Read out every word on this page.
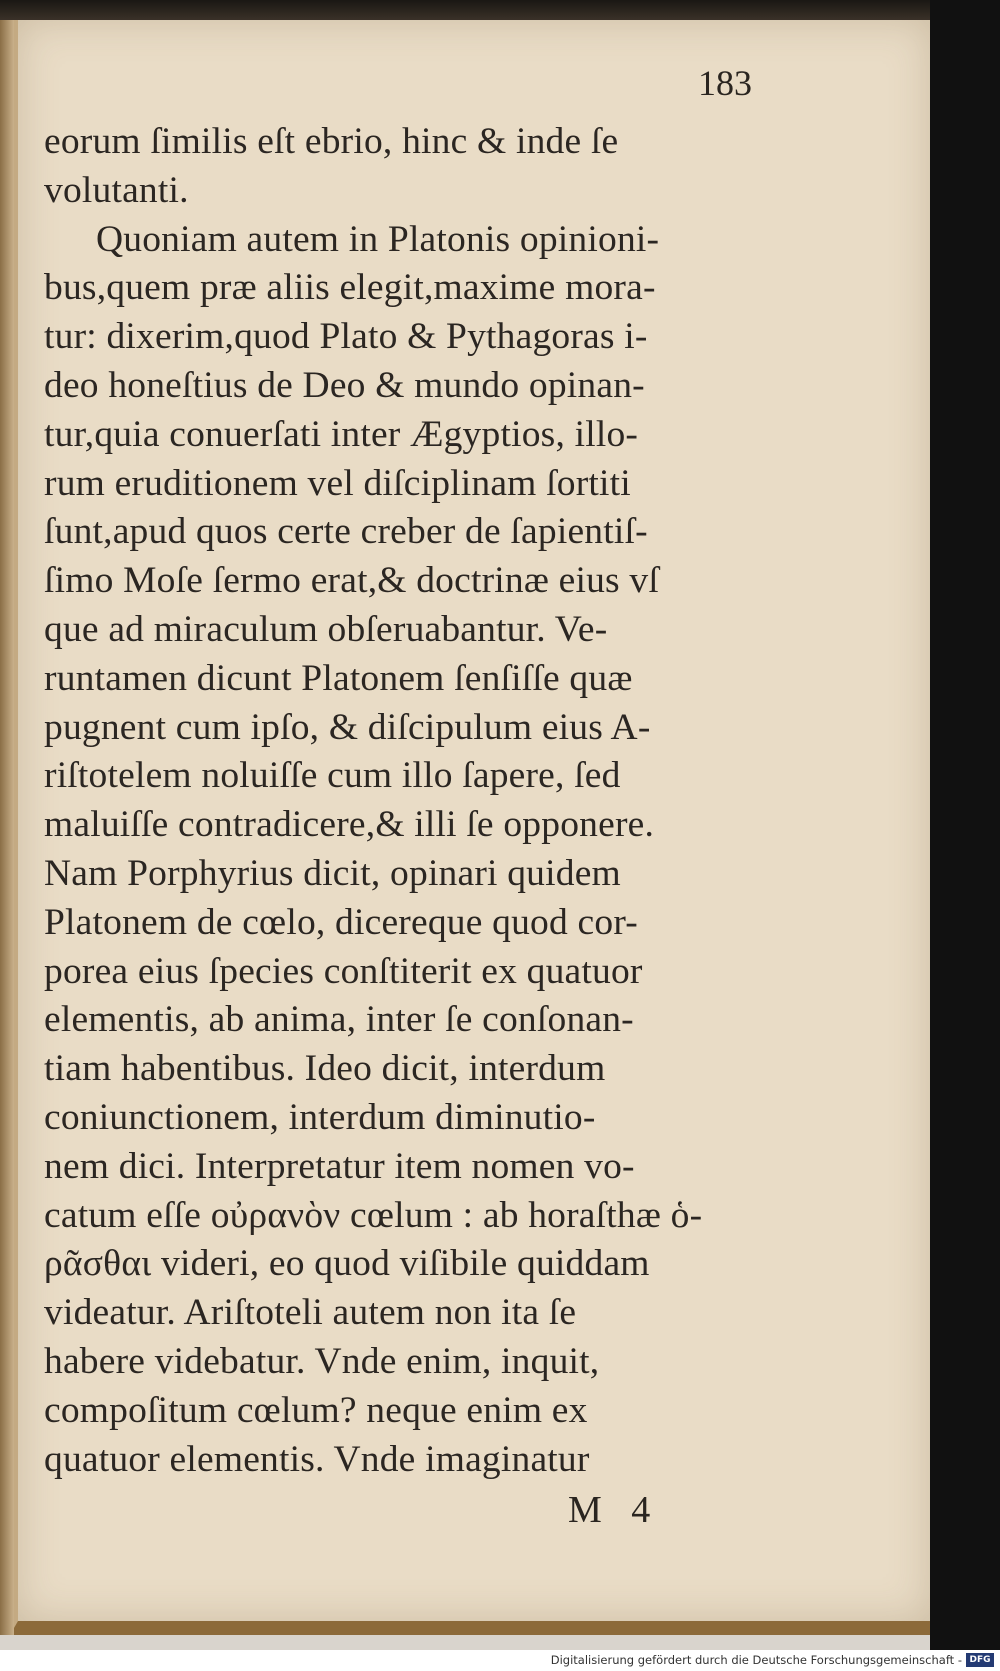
183
eorum ſimilis eſt ebrio, hinc & inde ſe
volutanti.
Quoniam autem in Platonis opinioni-
bus,quem præ aliis elegit,maxime mora-
tur: dixerim,quod Plato & Pythagoras i-
deo honeſtius de Deo & mundo opinan-
tur,quia conuerſati inter Ægyptios, illo-
rum eruditionem vel diſciplinam ſortiti
ſunt,apud quos certe creber de ſapientiſ-
ſimo Moſe ſermo erat,& doctrinæ eius vſ
que ad miraculum obſeruabantur. Ve-
runtamen dicunt Platonem ſenſiſſe quæ
pugnent cum ipſo, & diſcipulum eius A-
riſtotelem noluiſſe cum illo ſapere, ſed
maluiſſe contradicere,& illi ſe opponere.
Nam Porphyrius dicit, opinari quidem
Platonem de cœlo, dicereque quod cor-
porea eius ſpecies conſtiterit ex quatuor
elementis, ab anima, inter ſe conſonan-
tiam habentibus. Ideo dicit, interdum
coniunctionem, interdum diminutio-
nem dici. Interpretatur item nomen vo-
catum eſſe οὐρανὸν cœlum : ab horaſthæ ὁ-
ρᾶσθαι videri, eo quod viſibile quiddam
videatur. Ariſtoteli autem non ita ſe
habere videbatur. Vnde enim, inquit,
compoſitum cœlum? neque enim ex
quatuor elementis. Vnde imaginatur
M 4
Digitalisierung gefördert durch die Deutsche Forschungsgemeinschaft - DFG
